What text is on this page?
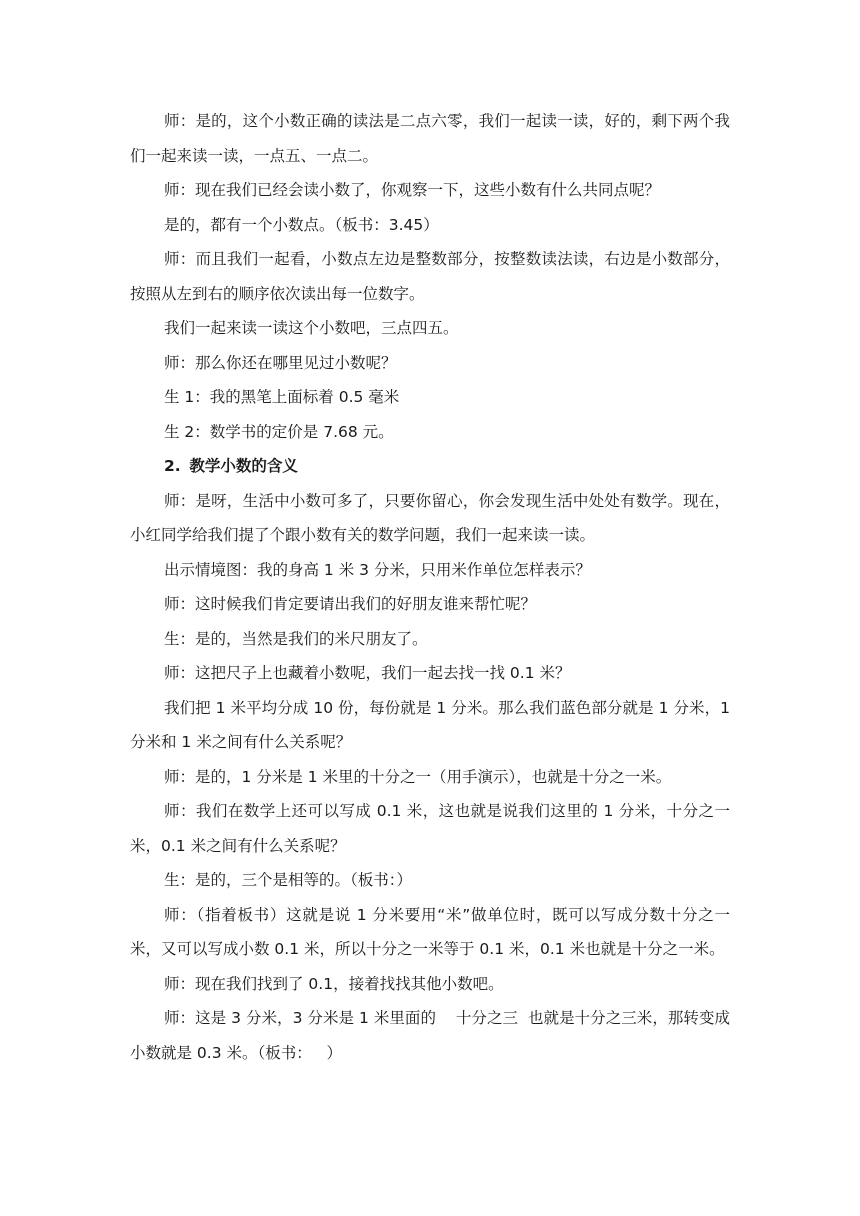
师：是的，这个小数正确的读法是二点六零，我们一起读一读，好的，剩下两个我们一起来读一读，一点五、一点二。

师：现在我们已经会读小数了，你观察一下，这些小数有什么共同点呢？

是的，都有一个小数点。（板书：3.45）

师：而且我们一起看，小数点左边是整数部分，按整数读法读，右边是小数部分，按照从左到右的顺序依次读出每一位数字。

我们一起来读一读这个小数吧，三点四五。

师：那么你还在哪里见过小数呢？

生 1：我的黑笔上面标着 0.5 毫米

生 2：数学书的定价是 7.68 元。

2. 教学小数的含义

师：是呀，生活中小数可多了，只要你留心，你会发现生活中处处有数学。现在，小红同学给我们提了个跟小数有关的数学问题，我们一起来读一读。

出示情境图：我的身高 1 米 3 分米，只用米作单位怎样表示？

师：这时候我们肯定要请出我们的好朋友谁来帮忙呢？

生：是的，当然是我们的米尺朋友了。

师：这把尺子上也藏着小数呢，我们一起去找一找 0.1 米？

我们把 1 米平均分成 10 份，每份就是 1 分米。那么我们蓝色部分就是 1 分米，1 分米和 1 米之间有什么关系呢？

师：是的，1 分米是 1 米里的十分之一（用手演示），也就是十分之一米。

师：我们在数学上还可以写成 0.1 米，这也就是说我们这里的 1 分米，十分之一米，0.1 米之间有什么关系呢？

生：是的，三个是相等的。（板书：）

师：（指着板书）这就是说 1 分米要用“米”做单位时，既可以写成分数十分之一米，又可以写成小数 0.1 米，所以十分之一米等于 0.1 米，0.1 米也就是十分之一米。

师：现在我们找到了 0.1，接着找找其他小数吧。

师：这是 3 分米，3 分米是 1 米里面的    十分之三  也就是十分之三米，那转变成小数就是 0.3 米。（板书：   ）
